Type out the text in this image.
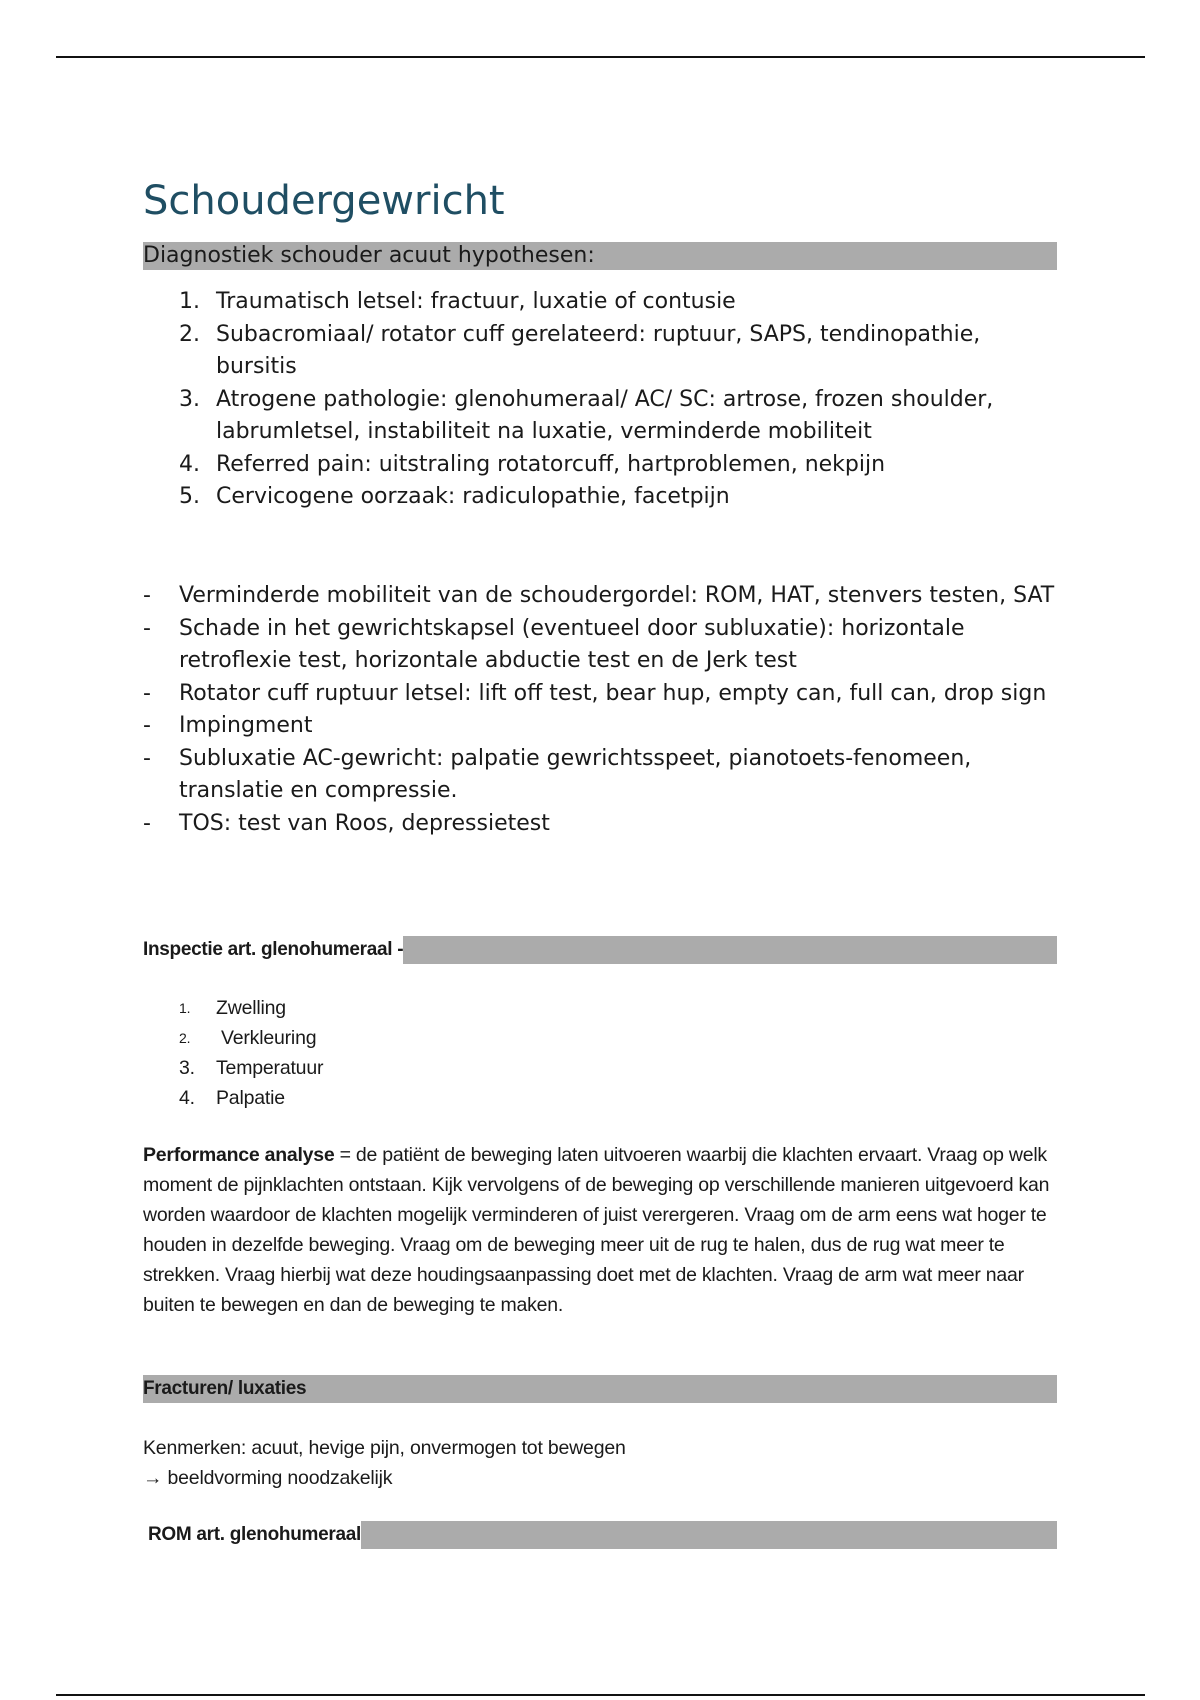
Schoudergewricht
Diagnostiek schouder acuut hypothesen:
1. Traumatisch letsel: fractuur, luxatie of contusie
2. Subacromiaal/ rotator cuff gerelateerd: ruptuur, SAPS, tendinopathie, bursitis
3. Atrogene pathologie: glenohumeraal/ AC/ SC: artrose, frozen shoulder, labrumletsel, instabiliteit na luxatie, verminderde mobiliteit
4. Referred pain: uitstraling rotatorcuff, hartproblemen, nekpijn
5. Cervicogene oorzaak: radiculopathie, facetpijn
- Verminderde mobiliteit van de schoudergordel: ROM, HAT, stenvers testen, SAT
- Schade in het gewrichtskapsel (eventueel door subluxatie): horizontale retroflexie test, horizontale abductie test en de Jerk test
- Rotator cuff ruptuur letsel: lift off test, bear hup, empty can, full can, drop sign
- Impingment
- Subluxatie AC-gewricht: palpatie gewrichtsspeet, pianotoets-fenomeen, translatie en compressie.
- TOS: test van Roos, depressietest
Inspectie art. glenohumeraal -
1. Zwelling
2. Verkleuring
3. Temperatuur
4. Palpatie

Performance analyse = de patiënt de beweging laten uitvoeren waarbij die klachten ervaart. Vraag op welk moment de pijnklachten ontstaan. Kijk vervolgens of de beweging op verschillende manieren uitgevoerd kan worden waardoor de klachten mogelijk verminderen of juist verergeren. Vraag om de arm eens wat hoger te houden in dezelfde beweging. Vraag om de beweging meer uit de rug te halen, dus de rug wat meer te strekken. Vraag hierbij wat deze houdingsaanpassing doet met de klachten. Vraag de arm wat meer naar buiten te bewegen en dan de beweging te maken.

Fracturen/ luxaties
Kenmerken: acuut, hevige pijn, onvermogen tot bewegen
→ beeldvorming noodzakelijk
ROM art. glenohumeraal
